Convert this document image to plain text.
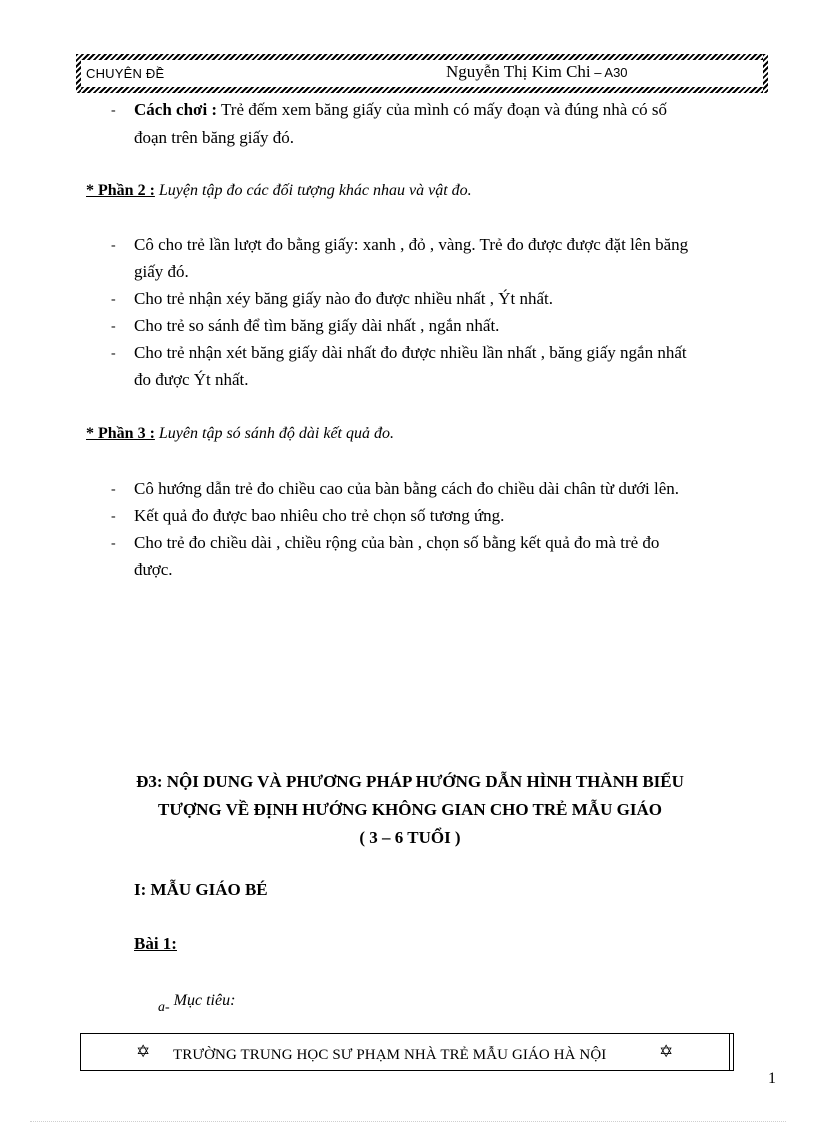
CHUYÊN ĐỀ	Nguyễn Thị Kim Chi – A30
- Cách chơi : Trẻ đếm xem băng giấy của mình có mấy đoạn và đúng nhà có số
đoạn trên băng giấy đó.
* Phần 2 : Luyện tập đo các đối tượng khác nhau và vật đo.
- Cô cho trẻ lần lượt đo bằng giấy: xanh , đỏ , vàng. Trẻ đo được được đặt lên băng
giấy đó.
- Cho trẻ nhận xéy băng giấy nào đo được nhiều nhất , Ýt nhất.
- Cho trẻ so sánh để tìm băng giấy dài nhất , ngắn nhất.
- Cho trẻ nhận xét băng giấy dài nhất đo được nhiều lần nhất , băng giấy ngắn nhất
đo được Ýt nhất.
* Phần 3 : Luyên tập só sánh độ dài kết quả đo.
- Cô hướng dẫn trẻ đo chiều cao của bàn bằng cách đo chiều dài chân từ dưới lên.
- Kết quả đo được bao nhiêu cho trẻ chọn số tương ứng.
- Cho trẻ đo chiều dài , chiều rộng của bàn , chọn số bằng kết quả đo mà trẻ đo
được.
Đ3: NỘI DUNG VÀ PHƯƠNG PHÁP HƯỚNG DẪN HÌNH THÀNH BIỂU
TƯỢNG VỀ ĐỊNH HƯỚNG KHÔNG GIAN CHO TRẺ MẪU GIÁO
( 3 – 6 TUỔI )
I: MẪU GIÁO BÉ
Bài 1:
a- Mục tiêu:
✡ TRƯỜNG TRUNG HỌC SƯ PHẠM NHÀ TRẺ MẪU GIÁO HÀ NỘI	✡
1
